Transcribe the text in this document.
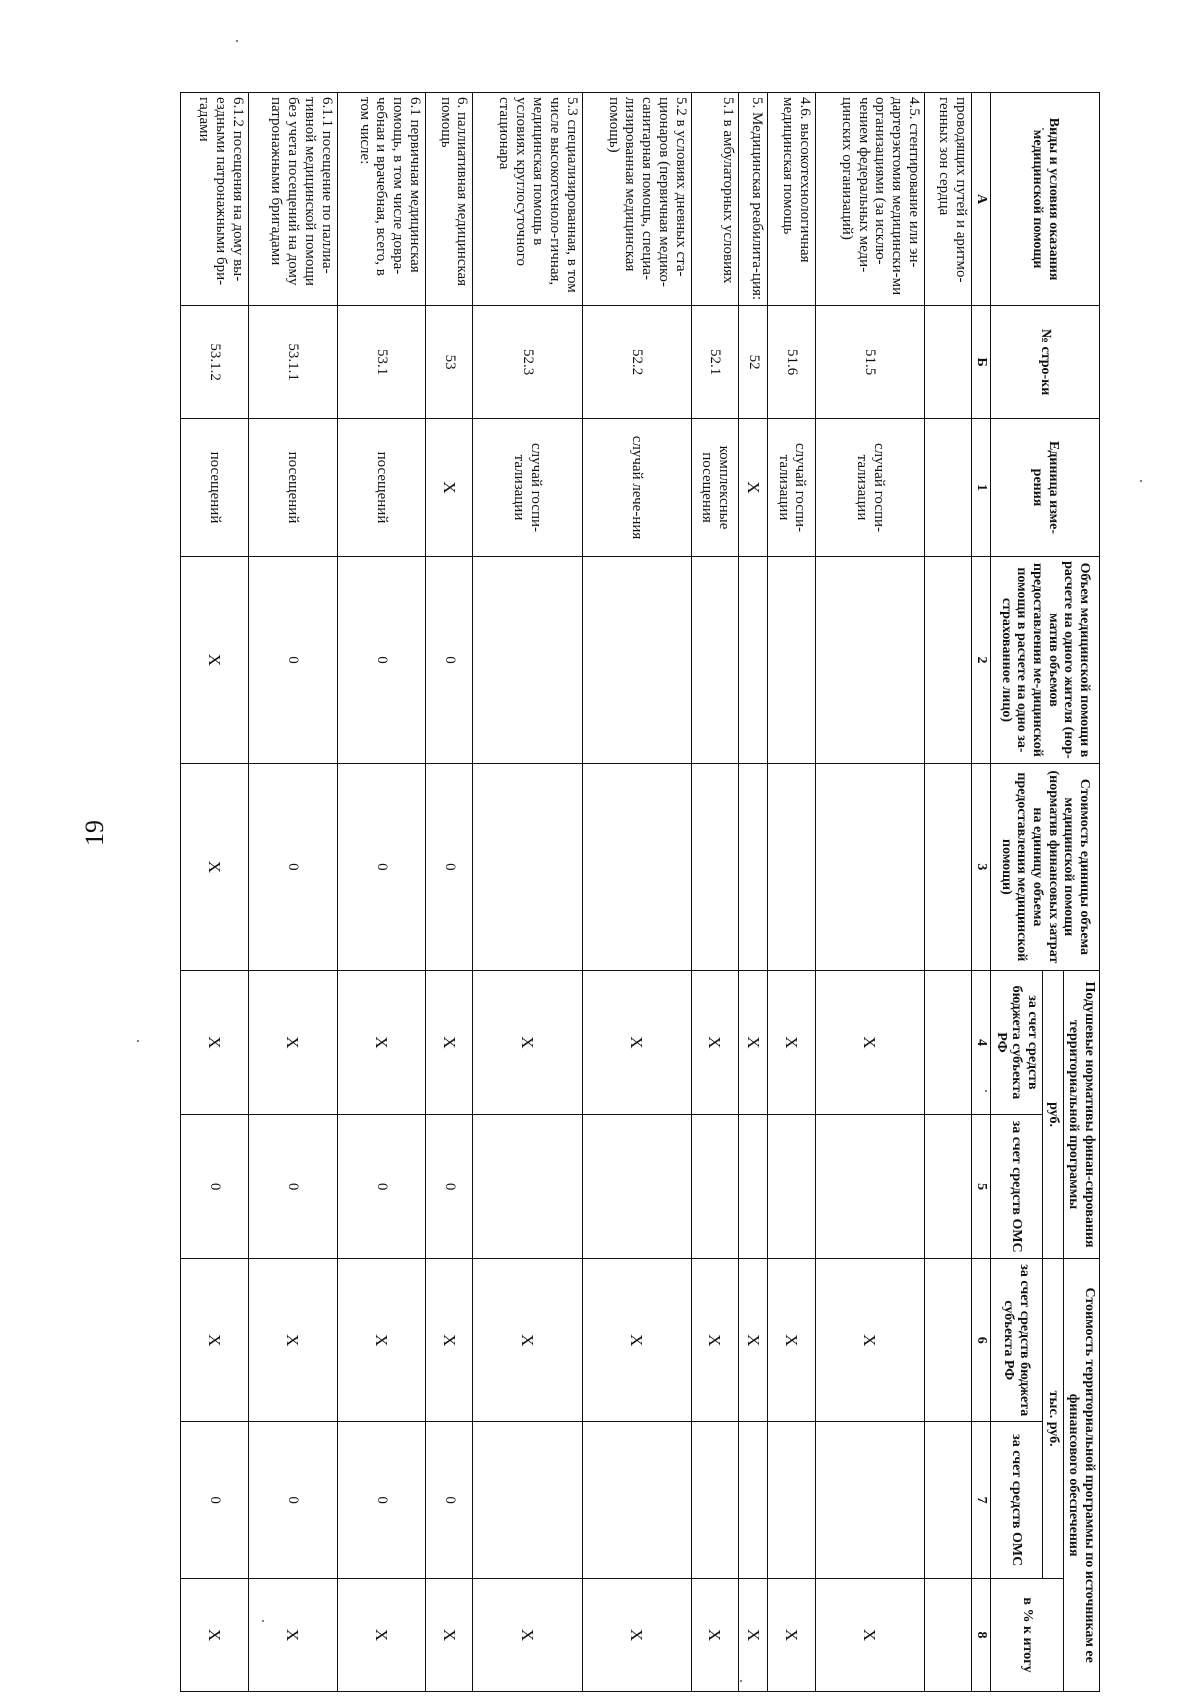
19
Виды и условия оказания медицинской помощи	№ стро-ки	Единица изме-рения	Объем медицинской помощи в расчете на одного жителя (нор-матив объемов предоставления ме-дицинской помощи в расчете на одно за-страхованное лицо)	Стоимость единицы объема медицинской помощи (норматив финансовых затрат на единицу объема предоставления медицинской помощи)	Подушевые нормативы финан-сирования территориальной программы		Стоимость территориальной программы по источникам ее финансового обеспечения		
					руб.		тыс. руб.		в % к итогу
					за счет средств бюджета субъекта РФ	за счет средств ОМС	за счет средств бюджета субъекта РФ	за счет средств ОМС	
А	Б	1	2	3	4	5	6	7	8
проводящих путей и аритмо-генных зон сердца									
4.5. стентирование или эн-дартерэктомия медицински-ми организациями (за исклю-чением федеральных меди-цинских организаций)	51.5	случай госпи-тализации			X		X		X
4.6. высокотехнологичная медицинская помощь	51.6	случай госпи-тализации			X		X		X
5. Медицинская реабилита-ция:	52	X			X		X		X
5.1 в амбулаторных условиях	52.1	комплексные посещения			X		X		X
5.2 в условиях дневных ста-ционаров (первичная медико-санитарная помощь, специа-лизированная медицинская помощь)	52.2	случай лече-ния			X		X		X
5.3 специализированная, в том числе высокотехноло-гичная, медицинская помощь в условиях круглосуточного стационара	52.3	случай госпи-тализации			X		X		X
6. паллиативная медицинская помощь	53	X	0	0	X	0	X	0	X
6.1 первичная медицинская помощь, в том числе довра-чебная и врачебная, всего, в том числе:	53.1	посещений	0	0	X	0	X	0	X
6.1.1 посещение по паллиа-тивной медицинской помощи без учета посещений на дому патронажными бригадами	53.1.1	посещений	0	0	X	0	X	0	X
6.1.2 посещения на дому вы-ездными патронажными бри-гадами	53.1.2	посещений	X	X	X	0	X	0	X
